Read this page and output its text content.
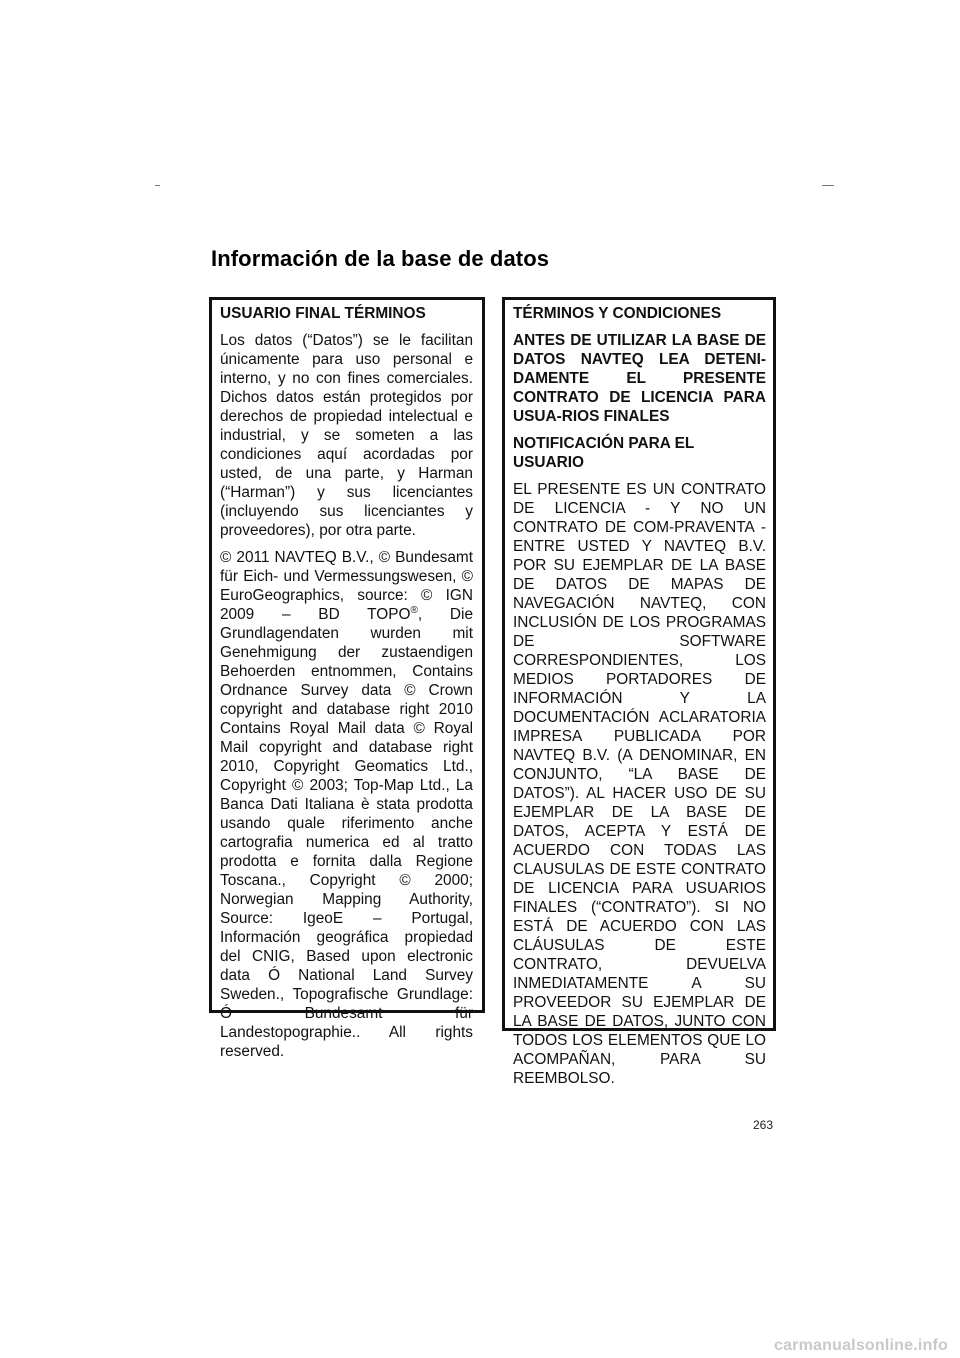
Información de la base de datos

USUARIO FINAL TÉRMINOS

Los datos (“Datos”) se le facilitan únicamente para uso personal e interno, y no con fines comerciales. Dichos datos están protegidos por derechos de propiedad intelectual e industrial, y se someten a las condiciones aquí acordadas por usted, de una parte, y Harman (“Harman”) y sus licenciantes (incluyendo sus licenciantes y proveedores), por otra parte.

© 2011 NAVTEQ B.V., © Bundesamt für Eich- und Vermessungswesen, © EuroGeographics, source: © IGN 2009 – BD TOPO®, Die Grundlagendaten wurden mit Genehmigung der zustaendigen Behoerden entnommen, Contains Ordnance Survey data © Crown copyright and database right 2010 Contains Royal Mail data © Royal Mail copyright and database right 2010, Copyright Geomatics Ltd., Copyright © 2003; Top-Map Ltd., La Banca Dati Italiana è stata prodotta usando quale riferimento anche cartografia numerica ed al tratto prodotta e fornita dalla Regione Toscana., Copyright © 2000; Norwegian Mapping Authority, Source: IgeoE – Portugal, Información geográfica propiedad del CNIG, Based upon electronic data Ó National Land Survey Sweden., Topografische Grundlage: Ó Bundesamt für Landestopographie.. All rights reserved.

TÉRMINOS Y CONDICIONES

ANTES DE UTILIZAR LA BASE DE DATOS NAVTEQ LEA DETENI-DAMENTE EL PRESENTE CONTRATO DE LICENCIA PARA USUA-RIOS FINALES

NOTIFICACIÓN PARA EL USUARIO

EL PRESENTE ES UN CONTRATO DE LICENCIA - Y NO UN CONTRATO DE COM-PRAVENTA - ENTRE USTED Y NAVTEQ B.V. POR SU EJEMPLAR DE LA BASE DE DATOS DE MAPAS DE NAVEGACIÓN NAVTEQ, CON INCLUSIÓN DE LOS PROGRAMAS DE SOFTWARE CORRESPONDIENTES, LOS MEDIOS PORTADORES DE INFORMACIÓN Y LA DOCUMENTACIÓN ACLARATORIA IMPRESA PUBLICADA POR NAVTEQ B.V. (A DENOMINAR, EN CONJUNTO, “LA BASE DE DATOS”). AL HACER USO DE SU EJEMPLAR DE LA BASE DE DATOS, ACEPTA Y ESTÁ DE ACUERDO CON TODAS LAS CLAUSULAS DE ESTE CONTRATO DE LICENCIA PARA USUARIOS FINALES (“CONTRATO”). SI NO ESTÁ DE ACUERDO CON LAS CLÁUSULAS DE ESTE CONTRATO, DEVUELVA INMEDIATAMENTE A SU PROVEEDOR SU EJEMPLAR DE LA BASE DE DATOS, JUNTO CON TODOS LOS ELEMENTOS QUE LO ACOMPAÑAN, PARA SU REEMBOLSO.

263
carmanualsonline.info
